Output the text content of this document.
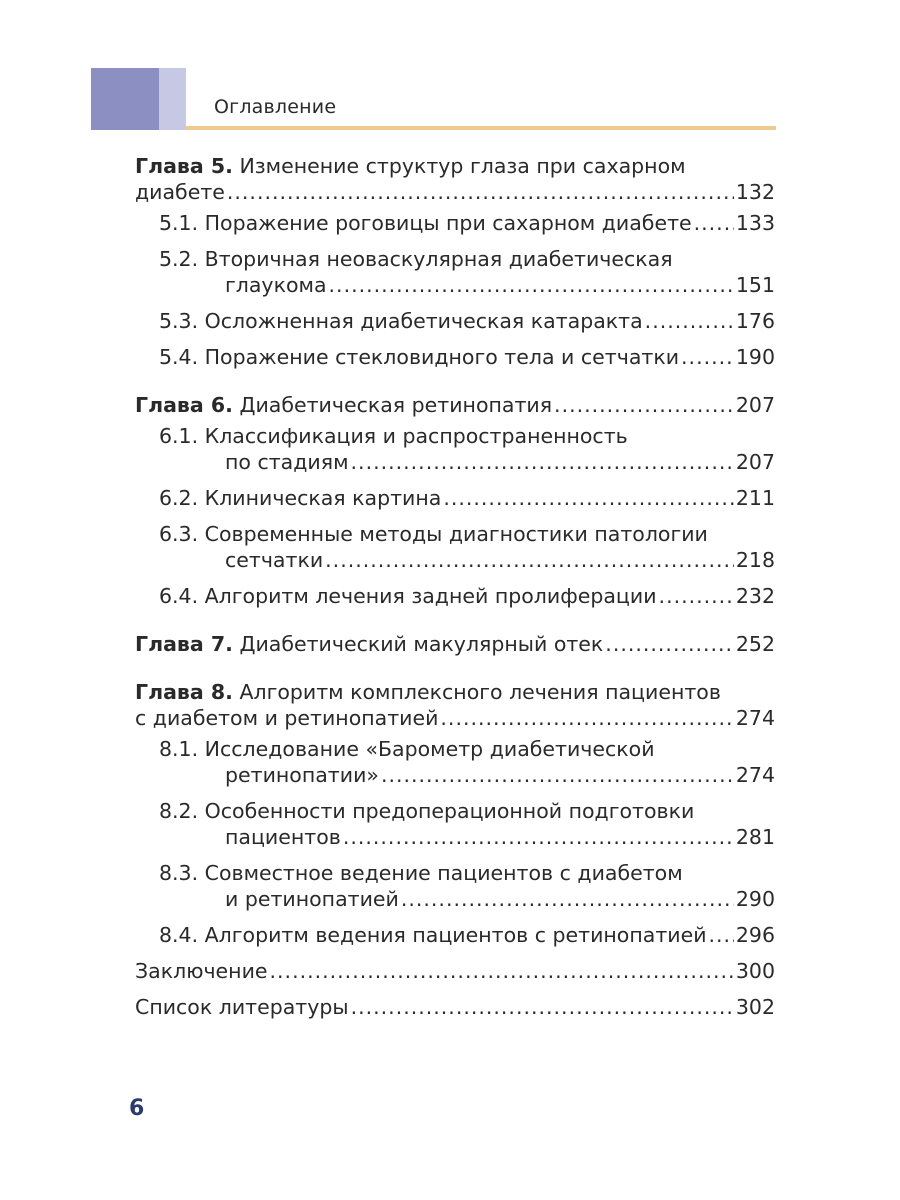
Оглавление
Глава 5. Изменение структур глаза при сахарном
диабете .....	132
5.1. Поражение роговицы при сахарном диабете ..... 133
5.2. Вторичная неоваскулярная диабетическая
глаукома .....	151
5.3. Осложненная диабетическая катаракта .....	176
5.4. Поражение стекловидного тела и сетчатки .....	190
Глава 6. Диабетическая ретинопатия .....	207
6.1. Классификация и распространенность
по стадиям .....	207
6.2. Клиническая картина .....	211
6.3. Современные методы диагностики патологии
сетчатки .....	218
6.4. Алгоритм лечения задней пролиферации .....	232
Глава 7. Диабетический макулярный отек .....	252
Глава 8. Алгоритм комплексного лечения пациентов
с диабетом и ретинопатией .....	274
8.1. Исследование «Барометр диабетической
ретинопатии» .....	274
8.2. Особенности предоперационной подготовки
пациентов .....	281
8.3. Совместное ведение пациентов с диабетом
и ретинопатией .....	290
8.4. Алгоритм ведения пациентов с ретинопатией ..... 296
Заключение .....	300
Список литературы .....	302
6
